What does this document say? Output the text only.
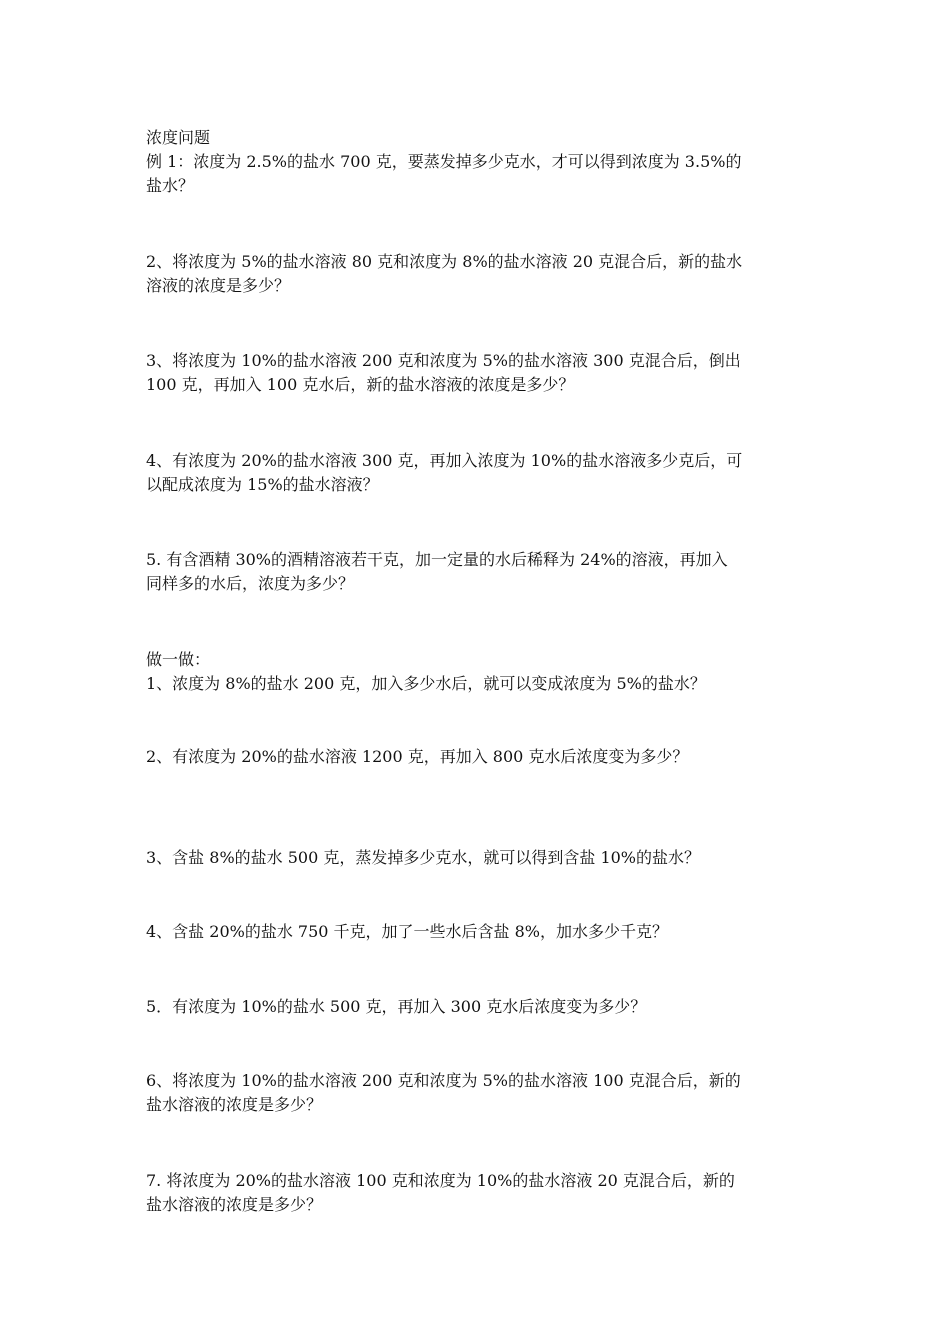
浓度问题
例 1：浓度为 2.5%的盐水 700 克，要蒸发掉多少克水，才可以得到浓度为 3.5%的
盐水？
2、将浓度为 5%的盐水溶液 80 克和浓度为 8%的盐水溶液 20 克混合后，新的盐水
溶液的浓度是多少？
3、将浓度为 10%的盐水溶液 200 克和浓度为 5%的盐水溶液 300 克混合后，倒出
100 克，再加入 100 克水后，新的盐水溶液的浓度是多少？
4、有浓度为 20%的盐水溶液 300 克，再加入浓度为 10%的盐水溶液多少克后，可
以配成浓度为 15%的盐水溶液？
5. 有含酒精 30%的酒精溶液若干克，加一定量的水后稀释为 24%的溶液，再加入
同样多的水后，浓度为多少？
做一做：
1、浓度为 8%的盐水 200 克，加入多少水后，就可以变成浓度为 5%的盐水？
2、有浓度为 20%的盐水溶液 1200 克，再加入 800 克水后浓度变为多少？
3、含盐 8%的盐水 500 克，蒸发掉多少克水，就可以得到含盐 10%的盐水？
4、含盐 20%的盐水 750 千克，加了一些水后含盐 8%，加水多少千克？
5．有浓度为 10%的盐水 500 克，再加入 300 克水后浓度变为多少？
6、将浓度为 10%的盐水溶液 200 克和浓度为 5%的盐水溶液 100 克混合后，新的
盐水溶液的浓度是多少？
7. 将浓度为 20%的盐水溶液 100 克和浓度为 10%的盐水溶液 20 克混合后，新的
盐水溶液的浓度是多少？
